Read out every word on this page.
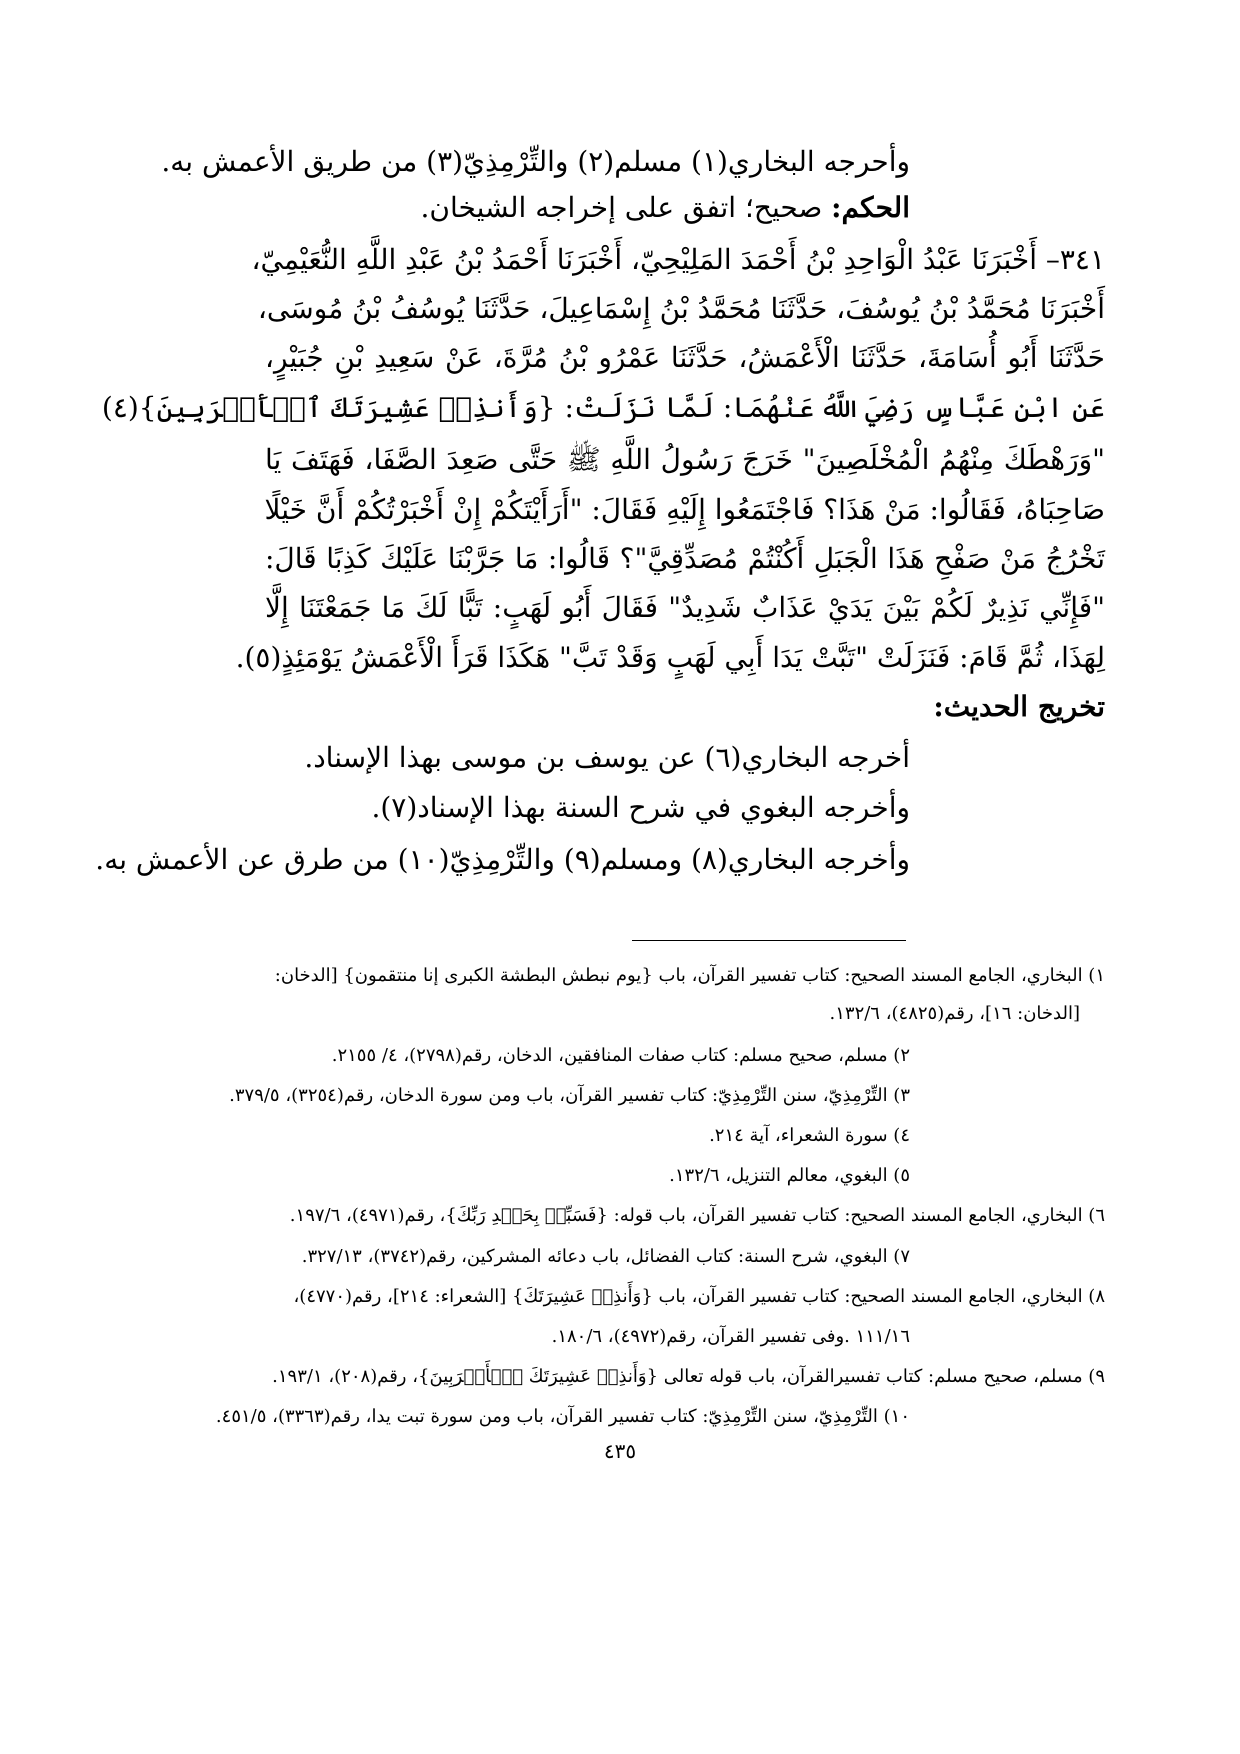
وأحرجه البخاري(١) مسلم(٢) والتِّرْمِذِيّ(٣) من طريق الأعمش به.
الحكم: صحيح؛ اتفق على إخراجه الشيخان.
٣٤١– أَخْبَرَنَا عَبْدُ الْوَاحِدِ بْنُ أَحْمَدَ المَلِيْحِيّ، أَخْبَرَنَا أَحْمَدُ بْنُ عَبْدِ اللَّهِ النُّعَيْمِيّ،
أَخْبَرَنَا مُحَمَّدُ بْنُ يُوسُفَ، حَدَّثَنَا مُحَمَّدُ بْنُ إِسْمَاعِيلَ، حَدَّثَنَا يُوسُفُ بْنُ مُوسَى،
حَدَّثَنَا أَبُو أُسَامَةَ، حَدَّثَنَا الْأَعْمَشُ، حَدَّثَنَا عَمْرُو بْنُ مُرَّةَ، عَنْ سَعِيدِ بْنِ جُبَيْرٍ،
عَنِ ابْنِ عَبَّاسٍ رَضِيَ اللَّهُ عَنْهُمَا: لَمَّا نَزَلَتْ: {وَأَنذِرۡ عَشِيرَتَكَ ٱلۡأَقۡرَبِينَ}(٤)
"وَرَهْطَكَ مِنْهُمُ الْمُخْلَصِينَ" خَرَجَ رَسُولُ اللَّهِ ﷺ حَتَّى صَعِدَ الصَّفَا، فَهَتَفَ يَا
صَاحِبَاهُ، فَقَالُوا: مَنْ هَذَا؟ فَاجْتَمَعُوا إِلَيْهِ فَقَالَ: "أَرَأَيْتَكُمْ إِنْ أَخْبَرْتُكُمْ أَنَّ خَيْلًا
تَخْرُجُ مَنْ صَفْحِ هَذَا الْجَبَلِ أَكُنْتُمْ مُصَدِّقِيَّ"؟ قَالُوا: مَا جَرَّبْنَا عَلَيْكَ كَذِبًا قَالَ:
"فَإِنِّي نَذِيرٌ لَكُمْ بَيْنَ يَدَيْ عَذَابٌ شَدِيدٌ" فَقَالَ أَبُو لَهَبٍ: تَبًّا لَكَ مَا جَمَعْتَنَا إِلَّا
لِهَذَا، ثُمَّ قَامَ: فَنَزَلَتْ "تَبَّتْ يَدَا أَبِي لَهَبٍ وَقَدْ تَبَّ" هَكَذَا قَرَأَ الْأَعْمَشُ يَوْمَئِذٍ(٥).
تخريج الحديث:
أخرجه البخاري(٦) عن يوسف بن موسى بهذا الإسناد.
وأخرجه البغوي في شرح السنة بهذا الإسناد(٧).
وأخرجه البخاري(٨) ومسلم(٩) والتِّرْمِذِيّ(١٠) من طرق عن الأعمش به.
١) البخاري، الجامع المسند الصحيح: كتاب تفسير القرآن، باب {يوم نبطش البطشة الكبرى إنا منتقمون} [الدخان:
[الدخان: ١٦]، رقم(٤٨٢٥)، ١٣٢/٦.
٢) مسلم، صحيح مسلم: كتاب صفات المنافقين، الدخان، رقم(٢٧٩٨)، ٤/ ٢١٥٥.
٣) التِّرْمِذِيّ، سنن التِّرْمِذِيّ: كتاب تفسير القرآن، باب ومن سورة الدخان، رقم(٣٢٥٤)، ٣٧٩/٥.
٤) سورة الشعراء، آية ٢١٤.
٥) البغوي، معالم التنزيل، ١٣٢/٦.
٦) البخاري، الجامع المسند الصحيح: كتاب تفسير القرآن، باب قوله: {فَسَبِّحۡ بِحَمۡدِ رَبِّكَ}، رقم(٤٩٧١)، ١٩٧/٦.
٧) البغوي، شرح السنة: كتاب الفضائل، باب دعائه المشركين، رقم(٣٧٤٢)، ٣٢٧/١٣.
٨) البخاري، الجامع المسند الصحيح: كتاب تفسير القرآن، باب {وَأَنذِرۡ عَشِيرَتَكَ} [الشعراء: ٢١٤]، رقم(٤٧٧٠)،
١١١/١٦ .وفى تفسير القرآن، رقم(٤٩٧٢)، ١٨٠/٦.
٩) مسلم، صحيح مسلم: كتاب تفسيرالقرآن، باب قوله تعالى {وَأَنذِرۡ عَشِيرَتَكَ ٱلۡأَقۡرَبِينَ}، رقم(٢٠٨)، ١٩٣/١.
١٠) التِّرْمِذِيّ، سنن التِّرْمِذِيّ: كتاب تفسير القرآن، باب ومن سورة تبت يدا، رقم(٣٣٦٣)، ٤٥١/٥.
٤٣٥
